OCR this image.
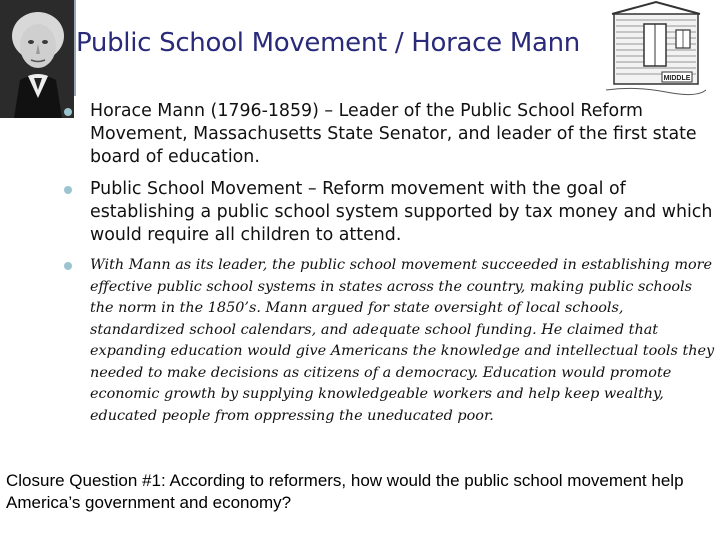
Public School Movement / Horace Mann
MIDDLE
Horace Mann (1796-1859) – Leader of the Public School Reform Movement, Massachusetts State Senator, and leader of the first state board of education.
Public School Movement – Reform movement with the goal of establishing a public school system supported by tax money and which would require all children to attend.
With Mann as its leader, the public school movement succeeded in establishing more effective public school systems in states across the country, making public schools the norm in the 1850’s. Mann argued for state oversight of local schools, standardized school calendars, and adequate school funding. He claimed that expanding education would give Americans the knowledge and intellectual tools they needed to make decisions as citizens of a democracy. Education would promote economic growth by supplying knowledgeable workers and help keep wealthy, educated people from oppressing the uneducated poor.
Closure Question #1: According to reformers, how would the public school movement help America’s government and economy?
